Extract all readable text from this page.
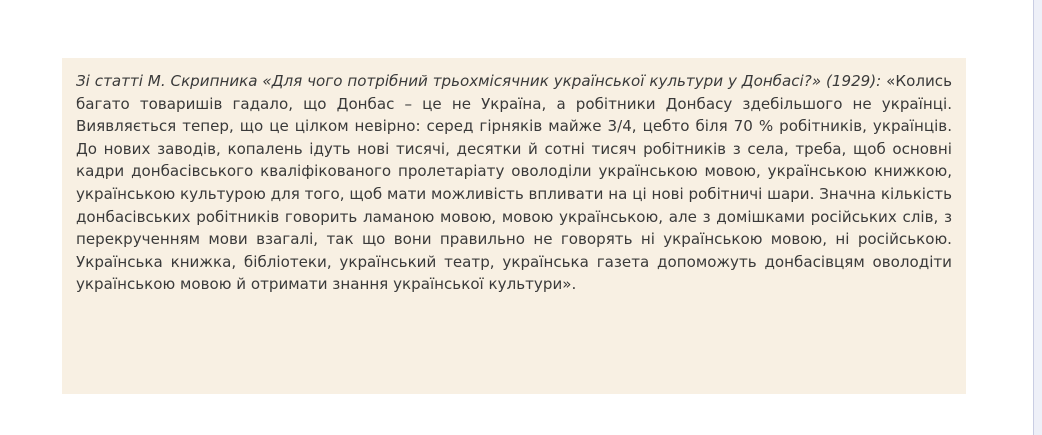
Зі статті М. Скрипника «Для чого потрібний трьохмісячник української культури у Донбасі?» (1929): «Колись багато товаришів гадало, що Донбас – це не Україна, а робітники Донбасу здебільшого не українці. Виявляється тепер, що це цілком невірно: серед гірняків майже 3/4, цебто біля 70 % робітників, українців. До нових заводів, копалень ідуть нові тисячі, десятки й сотні тисяч робітників з села, треба, щоб основні кадри донбасівського кваліфікованого пролетаріату оволоділи українською мовою, українською книжкою, українською культурою для того, щоб мати можливість впливати на ці нові робітничі шари. Значна кількість донбасівських робітників говорить ламаною мовою, мовою українською, але з домішками російських слів, з перекрученням мови взагалі, так що вони правильно не говорять ні українською мовою, ні російською. Українська книжка, бібліотеки, український театр, українська газета допоможуть донбасівцям оволодіти українською мовою й отримати знання української культури».
